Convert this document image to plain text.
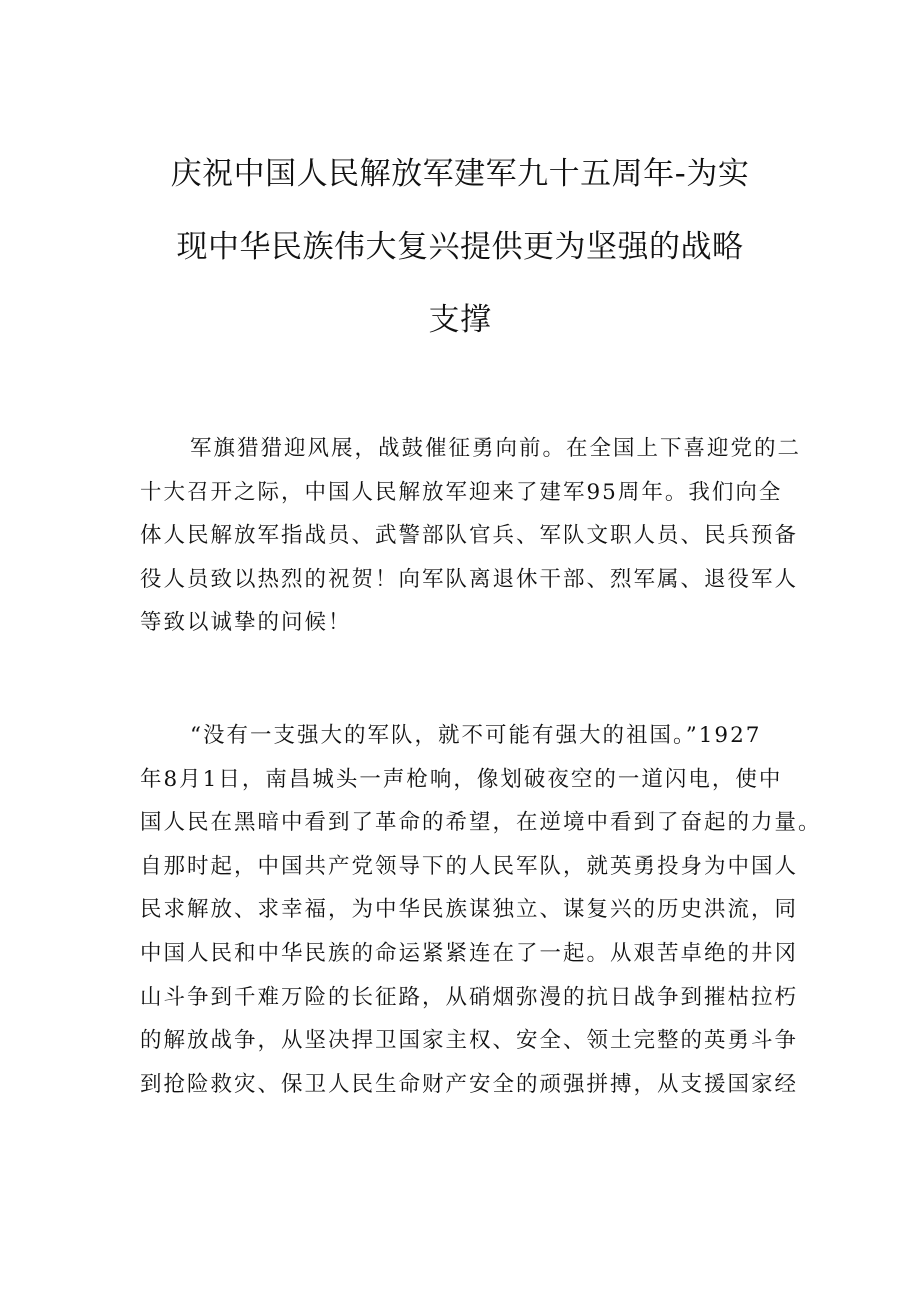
庆祝中国人民解放军建军九十五周年-为实
现中华民族伟大复兴提供更为坚强的战略
支撑
军旗猎猎迎风展，战鼓催征勇向前。在全国上下喜迎党的二
十大召开之际，中国人民解放军迎来了建军95周年。我们向全
体人民解放军指战员、武警部队官兵、军队文职人员、民兵预备
役人员致以热烈的祝贺！向军队离退休干部、烈军属、退役军人
等致以诚挚的问候！
“没有一支强大的军队，就不可能有强大的祖国。”1927
年8月1日，南昌城头一声枪响，像划破夜空的一道闪电，使中
国人民在黑暗中看到了革命的希望，在逆境中看到了奋起的力量。
自那时起，中国共产党领导下的人民军队，就英勇投身为中国人
民求解放、求幸福，为中华民族谋独立、谋复兴的历史洪流，同
中国人民和中华民族的命运紧紧连在了一起。从艰苦卓绝的井冈
山斗争到千难万险的长征路，从硝烟弥漫的抗日战争到摧枯拉朽
的解放战争，从坚决捍卫国家主权、安全、领土完整的英勇斗争
到抢险救灾、保卫人民生命财产安全的顽强拼搏，从支援国家经
